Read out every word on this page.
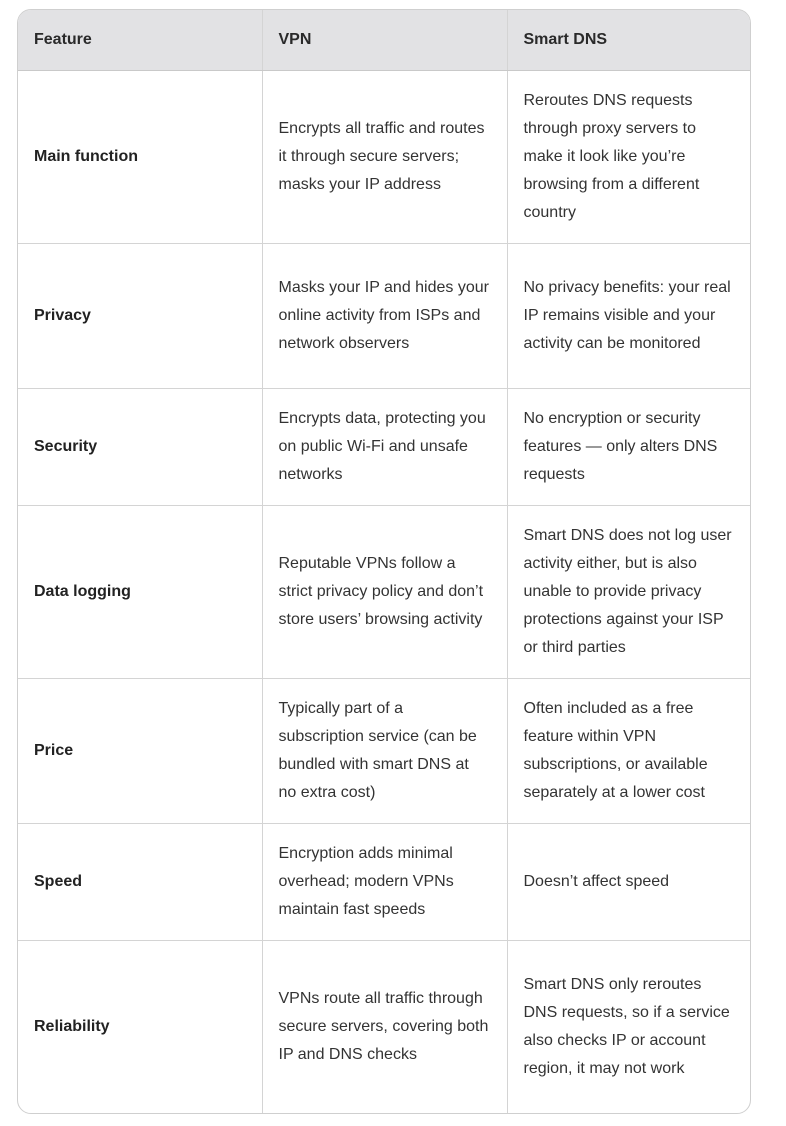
Feature	VPN	Smart DNS
Main function	Encrypts all traffic and routes it through secure servers; masks your IP address	Reroutes DNS requests through proxy servers to make it look like you’re browsing from a different country
Privacy	Masks your IP and hides your online activity from ISPs and network observers	No privacy benefits: your real IP remains visible and your activity can be monitored
Security	Encrypts data, protecting you on public Wi-Fi and unsafe networks	No encryption or security features — only alters DNS requests
Data logging	Reputable VPNs follow a strict privacy policy and don’t store users’ browsing activity	Smart DNS does not log user activity either, but is also unable to provide privacy protections against your ISP or third parties
Price	Typically part of a subscription service (can be bundled with smart DNS at no extra cost)	Often included as a free feature within VPN subscriptions, or available separately at a lower cost
Speed	Encryption adds minimal overhead; modern VPNs maintain fast speeds	Doesn’t affect speed
Reliability	VPNs route all traffic through secure servers, covering both IP and DNS checks	Smart DNS only reroutes DNS requests, so if a service also checks IP or account region, it may not work
